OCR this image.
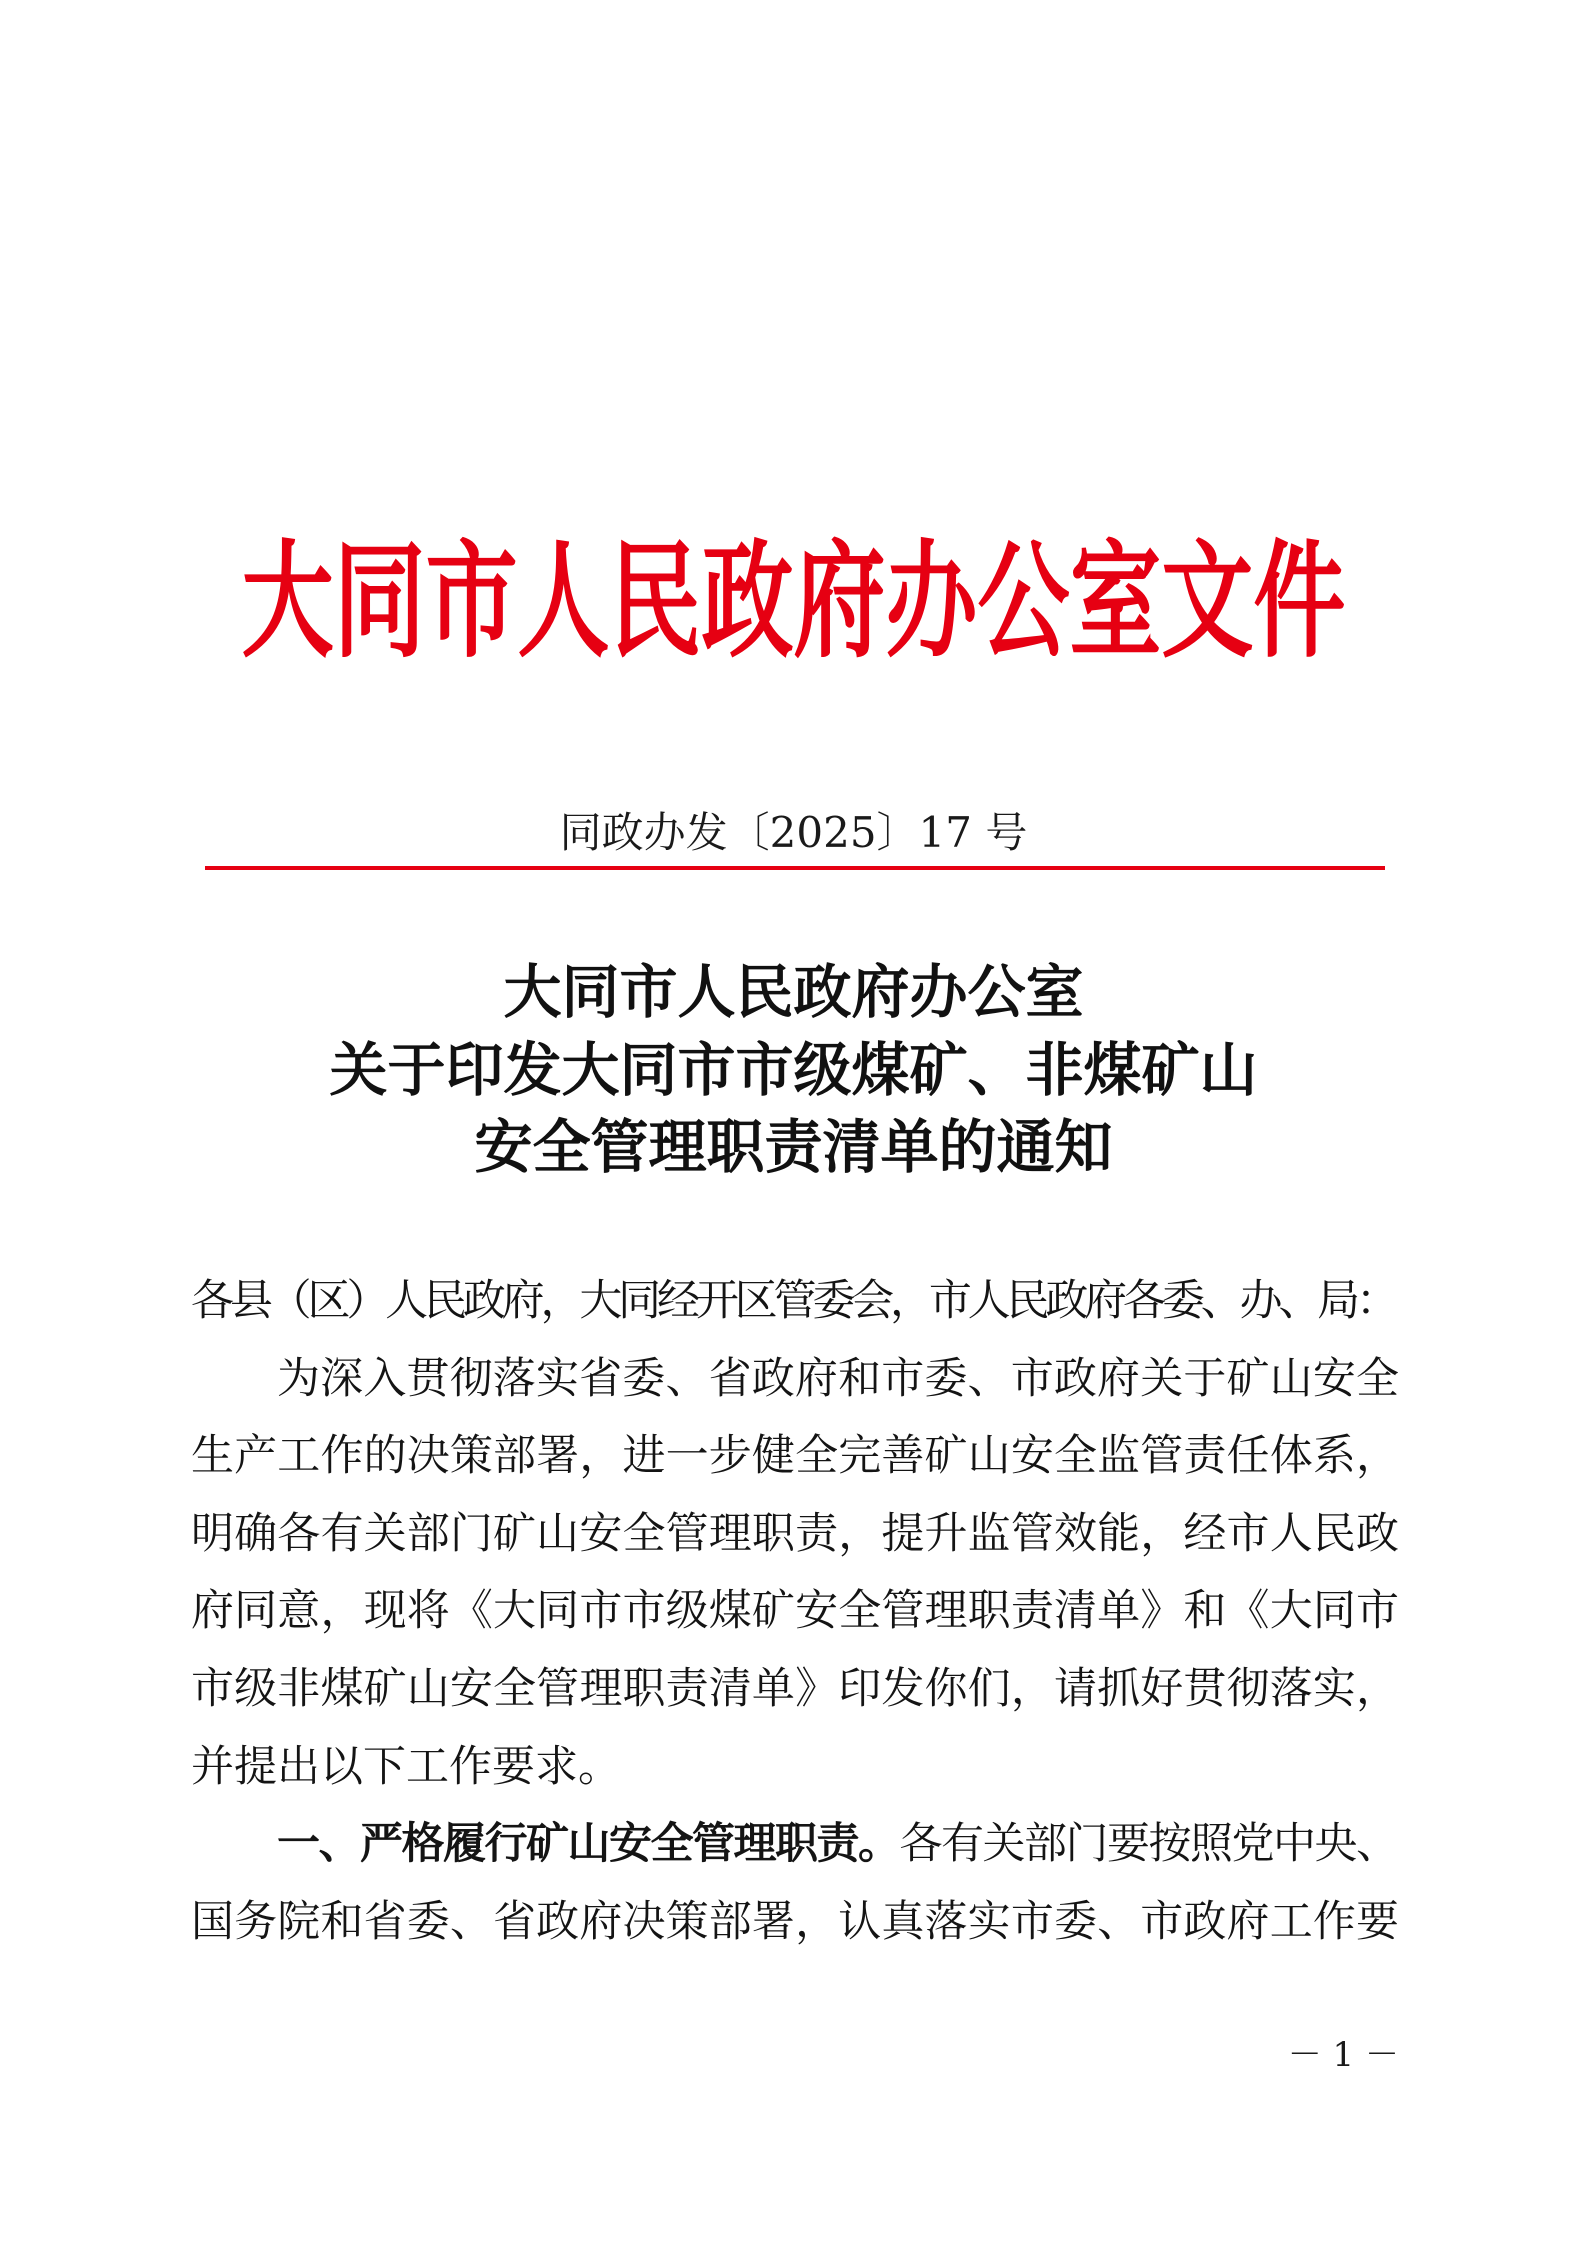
大同市人民政府办公室文件
同政办发〔2025〕17 号
大同市人民政府办公室
关于印发大同市市级煤矿、非煤矿山
安全管理职责清单的通知
各县（区）人民政府，大同经开区管委会，市人民政府各委、办、局：
为深入贯彻落实省委、省政府和市委、市政府关于矿山安全
生产工作的决策部署，进一步健全完善矿山安全监管责任体系，
明确各有关部门矿山安全管理职责，提升监管效能，经市人民政
府同意，现将《大同市市级煤矿安全管理职责清单》和《大同市
市级非煤矿山安全管理职责清单》印发你们，请抓好贯彻落实，
并提出以下工作要求。
一、严格履行矿山安全管理职责。各有关部门要按照党中央、
国务院和省委、省政府决策部署，认真落实市委、市政府工作要
－ 1 －
